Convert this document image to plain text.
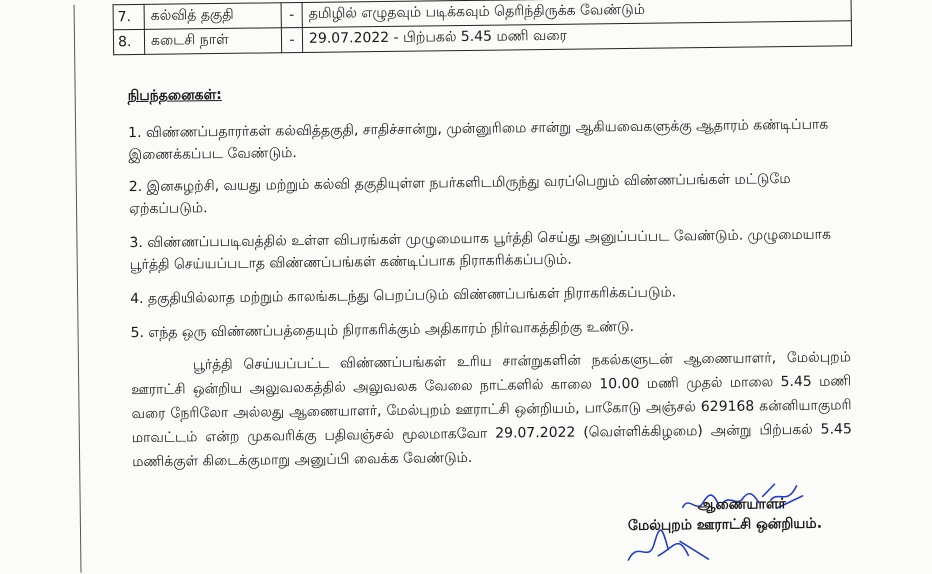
7.	கல்வித் தகுதி	-	தமிழில் எழுதவும் படிக்கவும் தெரிந்திருக்க வேண்டும்
8.	கடைசி நாள்	-	29.07.2022 - பிற்பகல் 5.45 மணி வரை
நிபந்தனைகள்:
1. விண்ணப்பதாரர்கள் கல்வித்தகுதி, சாதிச்சான்று, முன்னுரிமை சான்று ஆகியவைகளுக்கு ஆதாரம் கண்டிப்பாக இணைக்கப்பட வேண்டும்.
2. இனசுழற்சி, வயது மற்றும் கல்வி தகுதியுள்ள நபர்களிடமிருந்து வரப்பெறும் விண்ணப்பங்கள் மட்டுமே ஏற்கப்படும்.
3. விண்ணப்பபடிவத்தில் உள்ள விபரங்கள் முழுமையாக பூர்த்தி செய்து அனுப்பப்பட வேண்டும். முழுமையாக பூர்த்தி செய்யப்படாத விண்ணப்பங்கள் கண்டிப்பாக நிராகரிக்கப்படும்.
4. தகுதியில்லாத மற்றும் காலங்கடந்து பெறப்படும் விண்ணப்பங்கள் நிராகரிக்கப்படும்.
5. எந்த ஒரு விண்ணப்பத்தையும் நிராகரிக்கும் அதிகாரம் நிர்வாகத்திற்கு உண்டு.
பூர்த்தி செய்யப்பட்ட விண்ணப்பங்கள் உரிய சான்றுகளின் நகல்களுடன் ஆணையாளர், மேல்புறம் ஊராட்சி ஒன்றிய அலுவலகத்தில் அலுவலக வேலை நாட்களில் காலை 10.00 மணி முதல் மாலை 5.45 மணி வரை நேரிலோ அல்லது ஆணையாளர், மேல்புறம் ஊராட்சி ஒன்றியம், பாகோடு அஞ்சல் 629168 கன்னியாகுமரி மாவட்டம் என்ற முகவரிக்கு பதிவஞ்சல் மூலமாகவோ 29.07.2022 (வெள்ளிக்கிழமை) அன்று பிற்பகல் 5.45 மணிக்குள் கிடைக்குமாறு அனுப்பி வைக்க வேண்டும்.
ஆணையாளர்
மேல்புறம் ஊராட்சி ஒன்றியம்.
